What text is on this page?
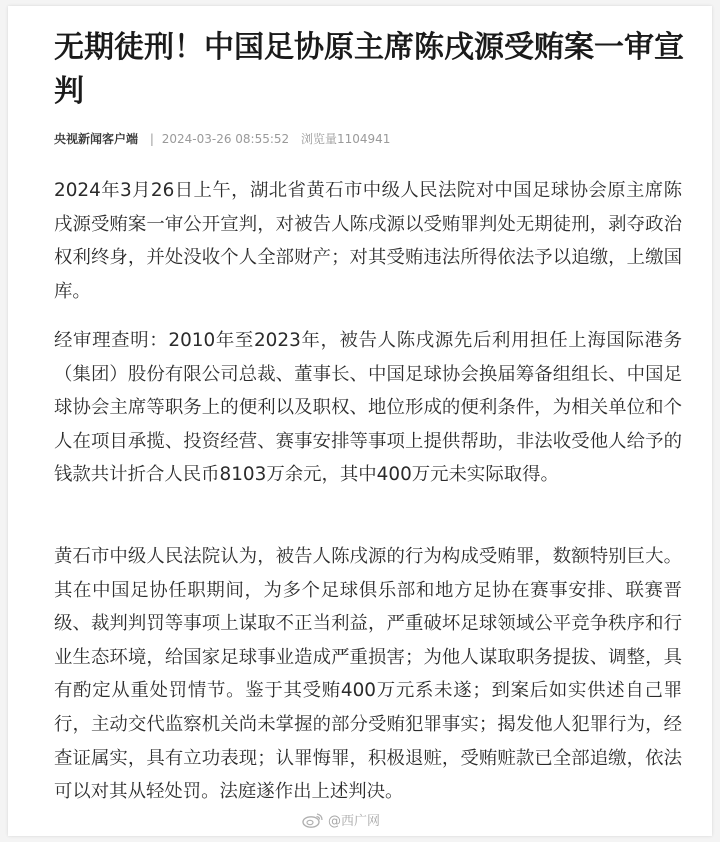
无期徒刑！中国足协原主席陈戌源受贿案一审宣判
央视新闻客户端 | 2024-03-26 08:55:52 浏览量1104941

2024年3月26日上午，湖北省黄石市中级人民法院对中国足球协会原主席陈戌源受贿案一审公开宣判，对被告人陈戌源以受贿罪判处无期徒刑，剥夺政治权利终身，并处没收个人全部财产；对其受贿违法所得依法予以追缴，上缴国库。

经审理查明：2010年至2023年，被告人陈戌源先后利用担任上海国际港务（集团）股份有限公司总裁、董事长、中国足球协会换届筹备组组长、中国足球协会主席等职务上的便利以及职权、地位形成的便利条件，为相关单位和个人在项目承揽、投资经营、赛事安排等事项上提供帮助，非法收受他人给予的钱款共计折合人民币8103万余元，其中400万元未实际取得。

黄石市中级人民法院认为，被告人陈戌源的行为构成受贿罪，数额特别巨大。其在中国足协任职期间，为多个足球俱乐部和地方足协在赛事安排、联赛晋级、裁判判罚等事项上谋取不正当利益，严重破坏足球领域公平竞争秩序和行业生态环境，给国家足球事业造成严重损害；为他人谋取职务提拔、调整，具有酌定从重处罚情节。鉴于其受贿400万元系未遂；到案后如实供述自己罪行，主动交代监察机关尚未掌握的部分受贿犯罪事实；揭发他人犯罪行为，经查证属实，具有立功表现；认罪悔罪，积极退赃，受贿赃款已全部追缴，依法可以对其从轻处罚。法庭遂作出上述判决。

@西广网
